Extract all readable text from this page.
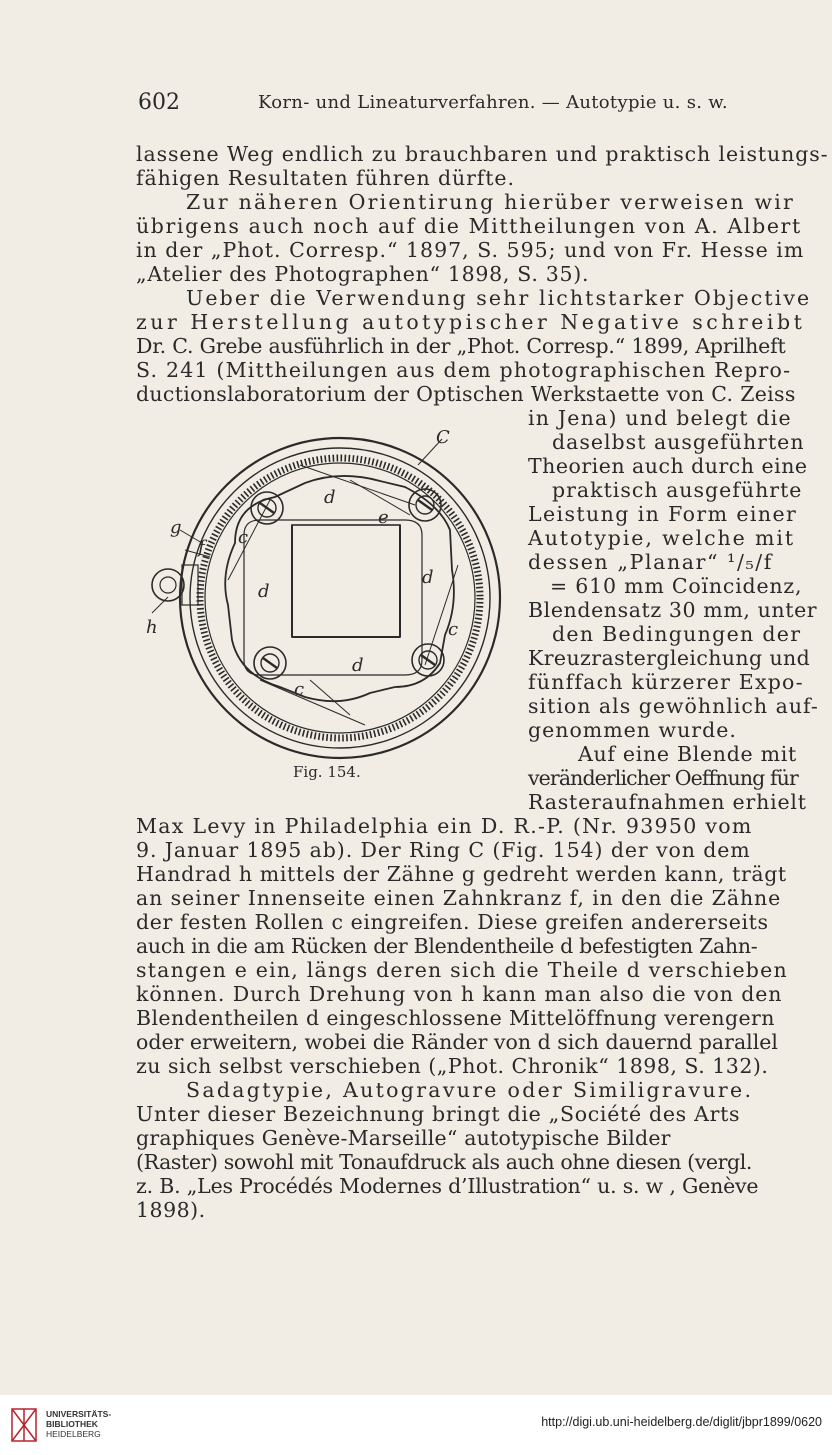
602	Korn- und Lineaturverfahren. — Autotypie u. s. w.
lassene Weg endlich zu brauchbaren und praktisch leistungs-
fähigen Resultaten führen dürfte.
Zur näheren Orientirung hierüber verweisen wir
übrigens auch noch auf die Mittheilungen von A. Albert
in der „Phot. Corresp.“ 1897, S. 595; und von Fr. Hesse im
„Atelier des Photographen“ 1898, S. 35).
Ueber die Verwendung sehr lichtstarker Objective
zur Herstellung autotypischer Negative schreibt
Dr. C. Grebe ausführlich in der „Phot. Corresp.“ 1899, Aprilheft
S. 241 (Mittheilungen aus dem photographischen Repro-
ductionslaboratorium der Optischen Werkstaette von C. Zeiss
in Jena) und belegt die
daselbst ausgeführten
Theorien auch durch eine
praktisch ausgeführte
Leistung in Form einer
Autotypie, welche mit
dessen „Planar“ ¹/₅/f
= 610 mm Coïncidenz,
Blendensatz 30 mm, unter
den Bedingungen der
Kreuzrastergleichung und
fünffach kürzerer Expo-
sition als gewöhnlich auf-
genommen wurde.
Auf eine Blende mit
veränderlicher Oeffnung für
Rasteraufnahmen erhielt
Max Levy in Philadelphia ein D. R.-P. (Nr. 93950 vom
9. Januar 1895 ab). Der Ring C (Fig. 154) der von dem
Handrad h mittels der Zähne g gedreht werden kann, trägt
an seiner Innenseite einen Zahnkranz f, in den die Zähne
der festen Rollen c eingreifen. Diese greifen andererseits
auch in die am Rücken der Blendentheile d befestigten Zahn-
stangen e ein, längs deren sich die Theile d verschieben
können. Durch Drehung von h kann man also die von den
Blendentheilen d eingeschlossene Mittelöffnung verengern
oder erweitern, wobei die Ränder von d sich dauernd parallel
zu sich selbst verschieben („Phot. Chronik“ 1898, S. 132).
Sadagtypie, Autogravure oder Similigravure.
Unter dieser Bezeichnung bringt die „Société des Arts
graphiques Genève-Marseille“ autotypische Bilder
(Raster) sowohl mit Tonaufdruck als auch ohne diesen (vergl.
z. B. „Les Procédés Modernes d’Illustration“ u. s. w , Genève
1898).
C
d
e
c
d
d
c
d
c
g
f
h
Fig. 154.
UNIVERSITÄTS-
BIBLIOTHEK
HEIDELBERG
http://digi.ub.uni-heidelberg.de/diglit/jbpr1899/0620
